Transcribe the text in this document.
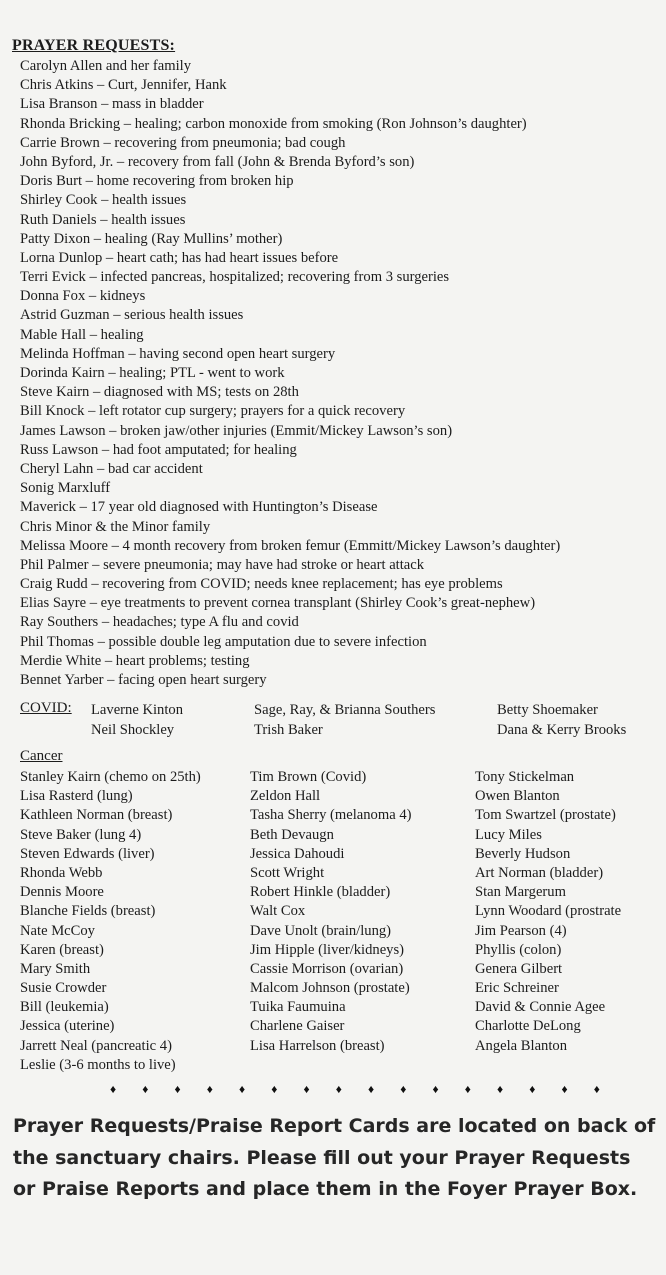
PRAYER REQUESTS:
Carolyn Allen and her family
Chris Atkins – Curt, Jennifer, Hank
Lisa Branson – mass in bladder
Rhonda Bricking – healing; carbon monoxide from smoking (Ron Johnson’s daughter)
Carrie Brown – recovering from pneumonia; bad cough
John Byford, Jr. – recovery from fall (John & Brenda Byford’s son)
Doris Burt – home recovering from broken hip
Shirley Cook – health issues
Ruth Daniels – health issues
Patty Dixon – healing (Ray Mullins’ mother)
Lorna Dunlop – heart cath; has had heart issues before
Terri Evick – infected pancreas, hospitalized; recovering from 3 surgeries
Donna Fox – kidneys
Astrid Guzman – serious health issues
Mable Hall – healing
Melinda Hoffman – having second open heart surgery
Dorinda Kairn – healing; PTL - went to work
Steve Kairn – diagnosed with MS; tests on 28th
Bill Knock – left rotator cup surgery; prayers for a quick recovery
James Lawson – broken jaw/other injuries (Emmit/Mickey Lawson’s son)
Russ Lawson – had foot amputated; for healing
Cheryl Lahn – bad car accident
Sonig Marxluff
Maverick – 17 year old diagnosed with Huntington’s Disease
Chris Minor & the Minor family
Melissa Moore – 4 month recovery from broken femur (Emmitt/Mickey Lawson’s daughter)
Phil Palmer – severe pneumonia; may have had stroke or heart attack
Craig Rudd – recovering from COVID; needs knee replacement; has eye problems
Elias Sayre – eye treatments to prevent cornea transplant (Shirley Cook’s great-nephew)
Ray Southers – headaches; type A flu and covid
Phil Thomas – possible double leg amputation due to severe infection
Merdie White – heart problems; testing
Bennet Yarber – facing open heart surgery
COVID: Laverne Kinton
Neil Shockley
Sage, Ray, & Brianna Southers
Trish Baker
Betty Shoemaker
Dana & Kerry Brooks
Cancer
Stanley Kairn (chemo on 25th)
Lisa Rasterd (lung)
Kathleen Norman (breast)
Steve Baker (lung 4)
Steven Edwards (liver)
Rhonda Webb
Dennis Moore
Blanche Fields (breast)
Nate McCoy
Karen (breast)
Mary Smith
Susie Crowder
Bill (leukemia)
Jessica (uterine)
Jarrett Neal (pancreatic 4)
Leslie (3-6 months to live)
Tim Brown (Covid)
Zeldon Hall
Tasha Sherry (melanoma 4)
Beth Devaugn
Jessica Dahoudi
Scott Wright
Robert Hinkle (bladder)
Walt Cox
Dave Unolt (brain/lung)
Jim Hipple (liver/kidneys)
Cassie Morrison (ovarian)
Malcom Johnson (prostate)
Tuika Faumuina
Charlene Gaiser
Lisa Harrelson (breast)
Tony Stickelman
Owen Blanton
Tom Swartzel (prostate)
Lucy Miles
Beverly Hudson
Art Norman (bladder)
Stan Margerum
Lynn Woodard (prostrate
Jim Pearson (4)
Phyllis (colon)
Genera Gilbert
Eric Schreiner
David & Connie Agee
Charlotte DeLong
Angela Blanton
♦ ♦ ♦ ♦ ♦ ♦ ♦ ♦ ♦ ♦ ♦ ♦ ♦ ♦ ♦ ♦
Prayer Requests/Praise Report Cards are located on back of the sanctuary chairs. Please fill out your Prayer Requests or Praise Reports and place them in the Foyer Prayer Box.
